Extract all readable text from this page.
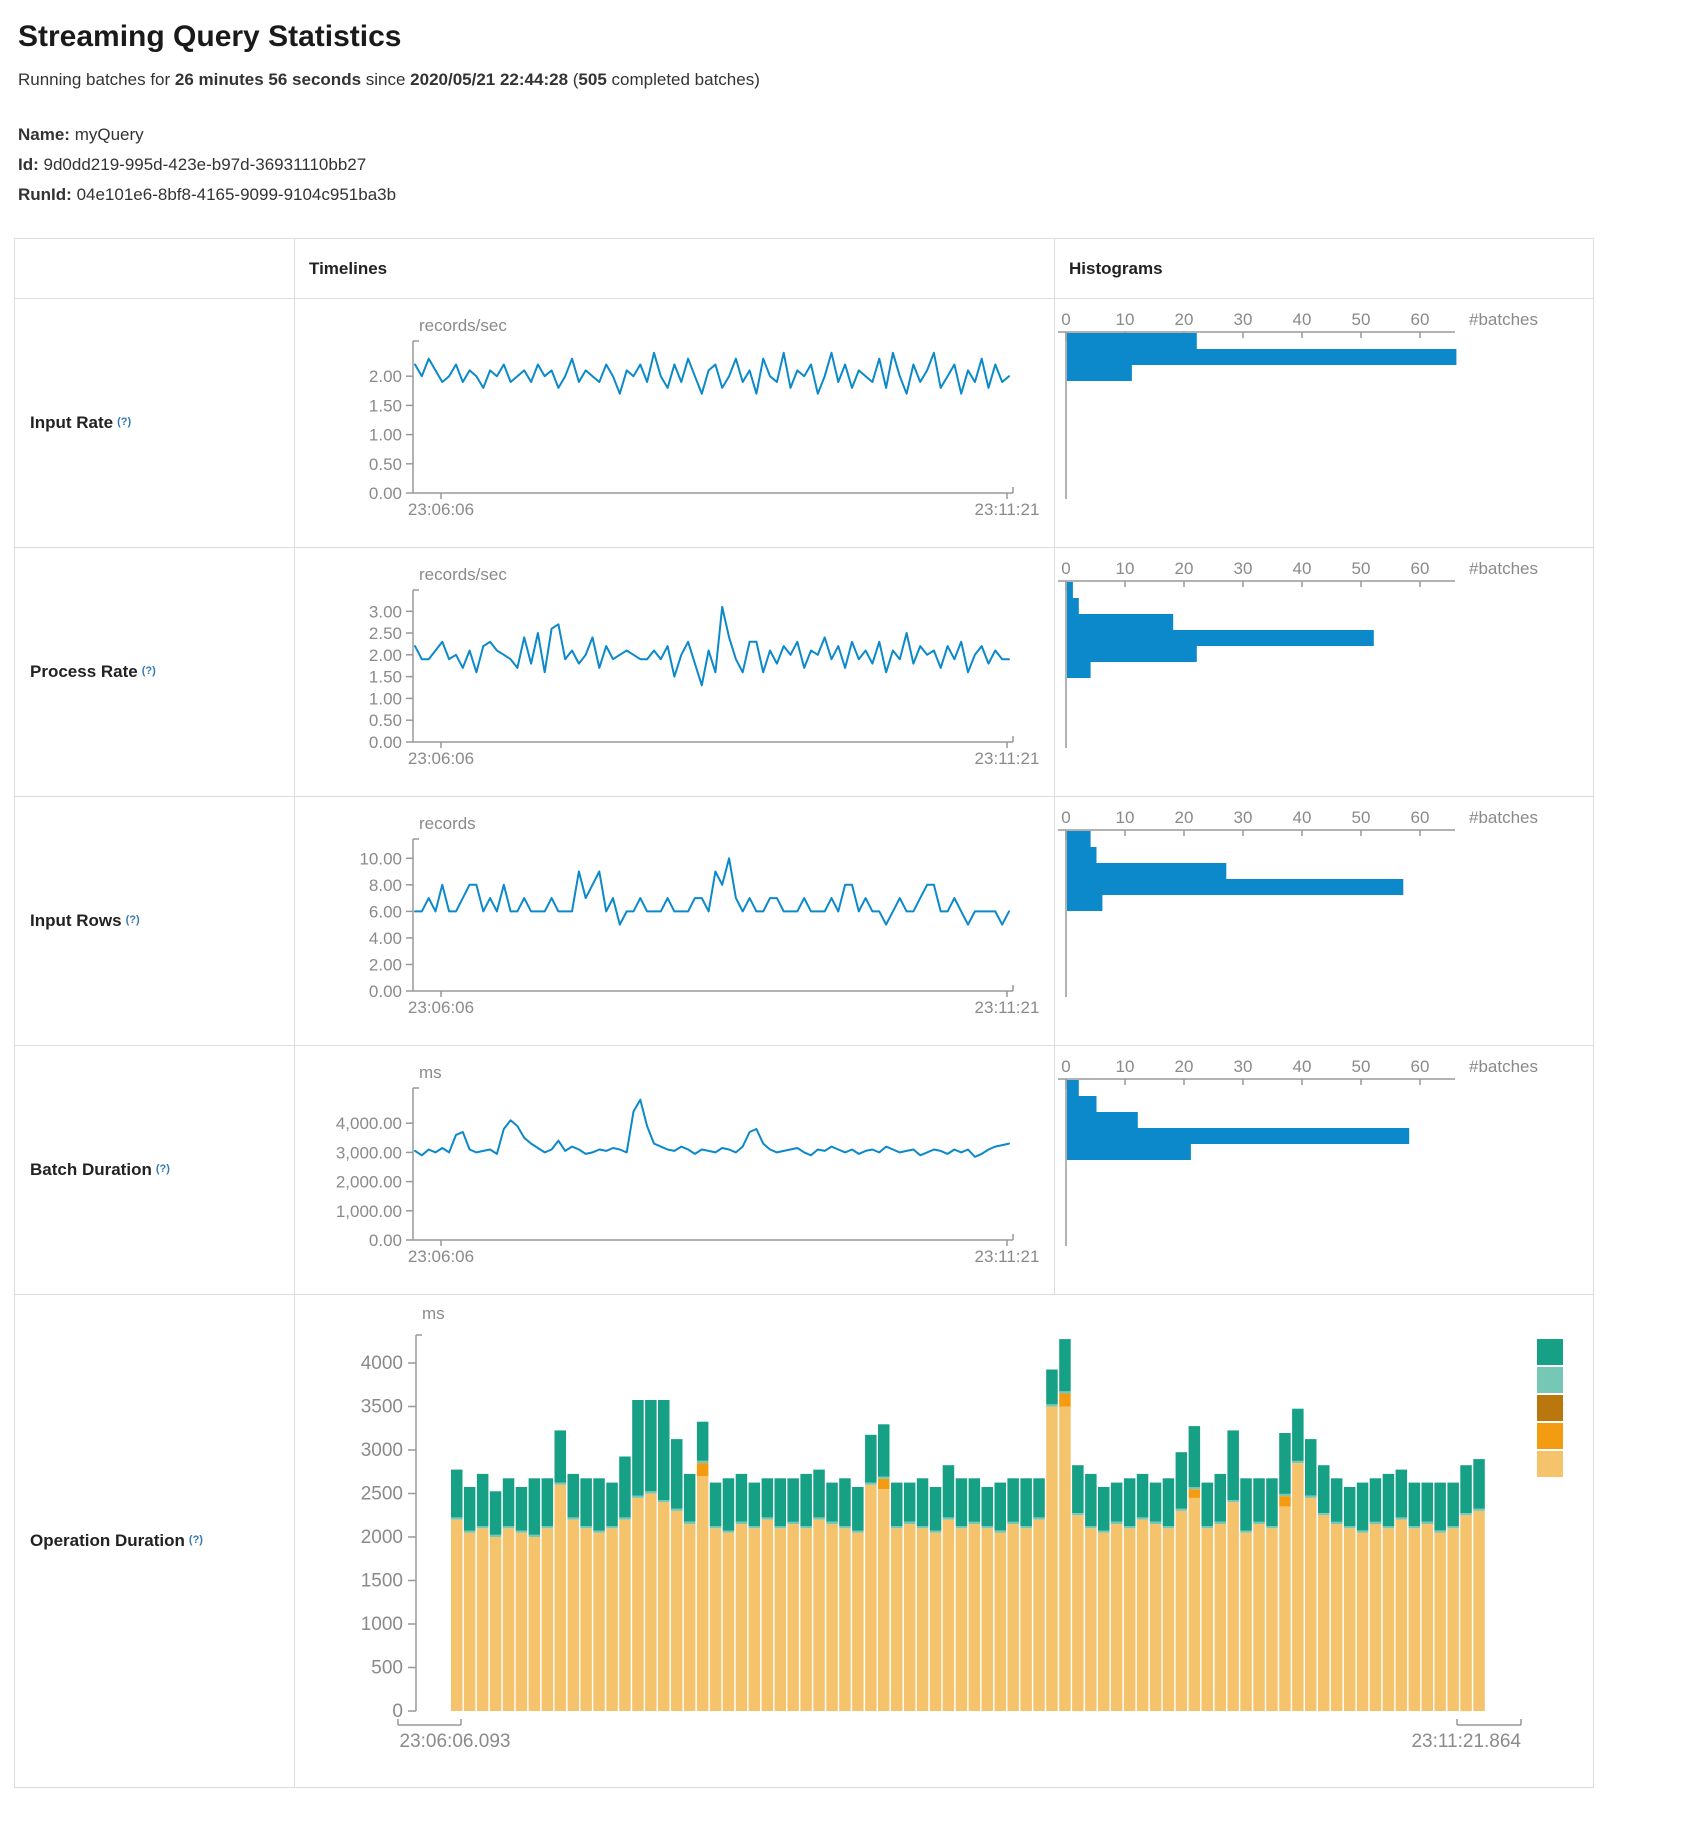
Streaming Query Statistics
Running batches for 26 minutes 56 seconds since 2020/05/21 22:44:28 (505 completed batches)
Name: myQuery
Id: 9d0dd219-995d-423e-b97d-36931110bb27
RunId: 04e101e6-8bf8-4165-9099-9104c951ba3b
Timelines	Histograms
Input Rate (?)
records/sec
2.00
1.50
1.00
0.50
0.00
23:06:06	23:11:21
0	10 20 30 40 50 60 #batches
Process Rate (?)
records/sec
3.00
2.50
2.00
1.50
1.00
0.50
0.00
23:06:06	23:11:21
0	10 20 30 40 50 60 #batches
Input Rows (?)
records
10.00
8.00
6.00
4.00
2.00
0.00
23:06:06	23:11:21
0	10 20 30 40 50 60 #batches
Batch Duration (?)
ms
4,000.00
3,000.00
2,000.00
1,000.00
0.00
23:06:06	23:11:21
0	10 20 30 40 50 60 #batches
Operation Duration (?)
ms
4000
3500
3000
2500
2000
1500
1000
500
0
23:06:06.093	23:11:21.864
